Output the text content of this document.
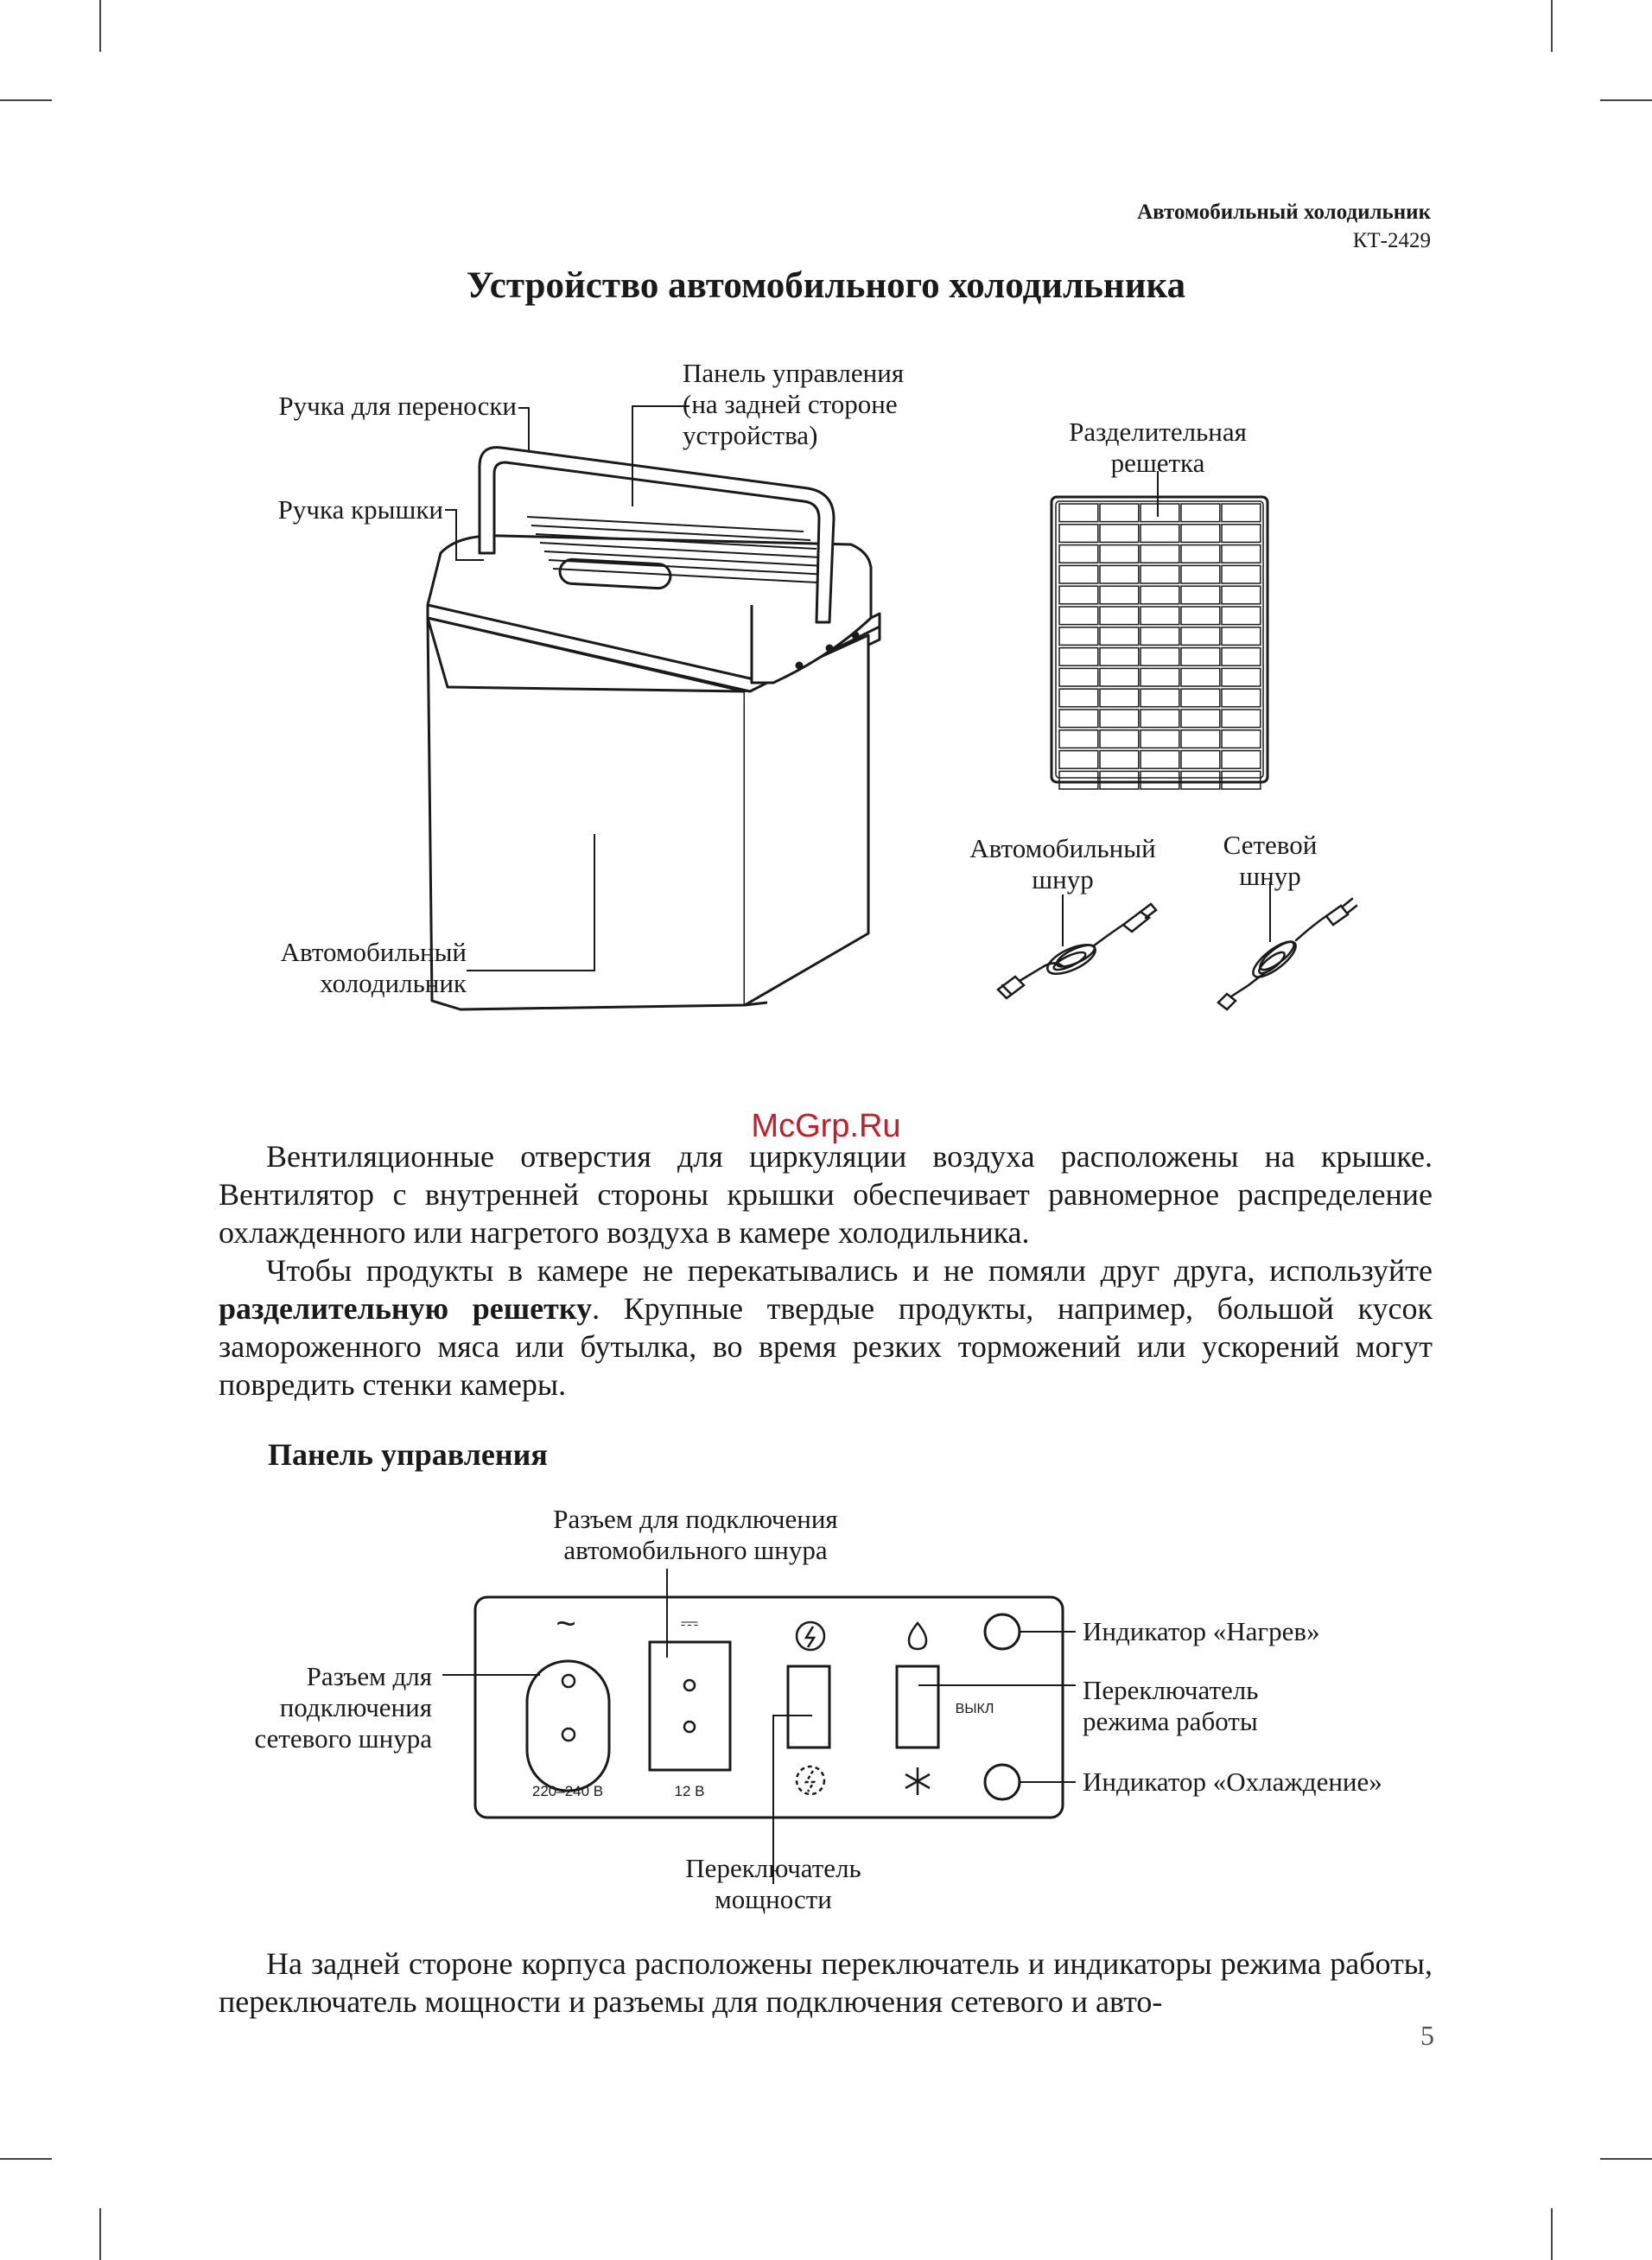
Автомобильный холодильник
КТ-2429
Устройство автомобильного холодильника
Ручка для переноски
Ручка крышки
Панель управления
(на задней стороне
устройства)
Автомобильный
холодильник
Разделительная
решетка
Автомобильный
шнур
Сетевой
шнур
McGrp.Ru

Вентиляционные отверстия для циркуляции воздуха расположены на крышке. Вентилятор с внутренней стороны крышки обеспечивает равномерное распределение охлажденного или нагретого воздуха в камере холодильника.

Чтобы продукты в камере не перекатывались и не помяли друг друга, используйте разделительную решетку. Крупные твердые продукты, например, большой кусок замороженного мяса или бутылка, во время резких торможений или ускорений могут повредить стенки камеры.

Панель управления
~	⎓
220–240 В	12 В
ВЫКЛ
Разъем для подключения
автомобильного шнура
Разъем для
подключения
сетевого шнура
Индикатор «Нагрев»
Переключатель
режима работы
Индикатор «Охлаждение»
Переключатель
мощности

На задней стороне корпуса расположены переключатель и индикаторы режима работы, переключатель мощности и разъемы для подключения сетевого и авто-

5
